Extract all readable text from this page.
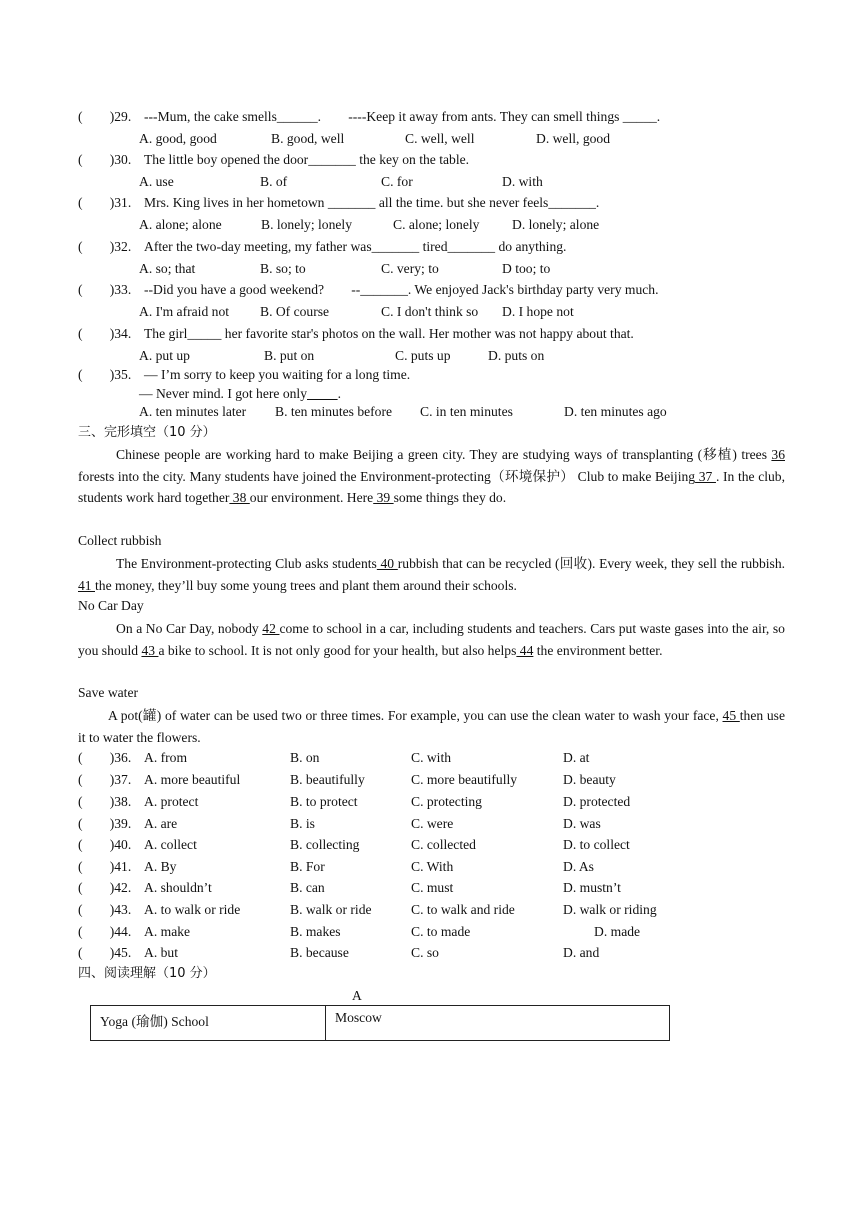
(        )29. ---Mum, the cake smells______.        ----Keep it away from ants. They can smell things _____.
A. good, good	B. good, well	C. well, well	D. well, good
(        )30. The little boy opened the door_______ the key on the table.
A. use	B. of	C. for	D. with
(        )31. Mrs. King lives in her hometown _______ all the time. but she never feels_______.
A. alone; alone	B. lonely; lonely	C. alone; lonely D. lonely; alone
(        )32. After the two-day meeting, my father was_______ tired_______ do anything.
A. so; that	B. so; to	C. very; to	D too; to
(        )33. --Did you have a good weekend?        --_______. We enjoyed Jack's birthday party very much.
A. I'm afraid not B. Of course	C. I don't think so D. I hope not
(        )34. The girl_____ her favorite star's photos on the wall. Her mother was not happy about that.
A. put up	B. put on	C. puts up	D. puts on
(        )35. — I’m sorry to keep you waiting for a long time.
— Never mind. I got here only .
A. ten minutes later B. ten minutes before C. in ten minutes	D. ten minutes ago
三、完形填空（10 分）
Chinese people are working hard to make Beijing a green city. They are studying ways of transplanting (移植) trees 36 forests into the city. Many students have joined the Environment-protecting（环境保护） Club to make Beijing 37 . In the club, students work hard together 38 our environment. Here 39 some things they do.
Collect rubbish
The Environment-protecting Club asks students 40 rubbish that can be recycled (回收). Every week, they sell the rubbish. 41 the money, they’ll buy some young trees and plant them around their schools.
No Car Day
On a No Car Day, nobody 42 come to school in a car, including students and teachers. Cars put waste gases into the air, so you should 43 a bike to school. It is not only good for your health, but also helps 44 the environment better.
Save water
A pot(罐) of water can be used two or three times. For example, you can use the clean water to wash your face, 45 then use it to water the flowers.
(        )36. A. from	B. on	C. with	D. at
(        )37. A. more beautiful	B. beautifully	C. more beautifully	D. beauty
(        )38. A. protect	B. to protect	C. protecting	D. protected
(        )39. A. are	B. is	C. were	D. was
(        )40. A. collect	B. collecting	C. collected	D. to collect
(        )41. A. By	B. For	C. With	D. As
(        )42. A. shouldn’t	B. can	C. must	D. mustn’t
(        )43. A. to walk or ride	B. walk or ride	C. to walk and ride	D. walk or riding
(        )44. A. make	B. makes	C. to made	D. made
(        )45. A. but	B. because	C. so	D. and
四、阅读理解（10 分）
A
Yoga (瑜伽) School	Moscow
